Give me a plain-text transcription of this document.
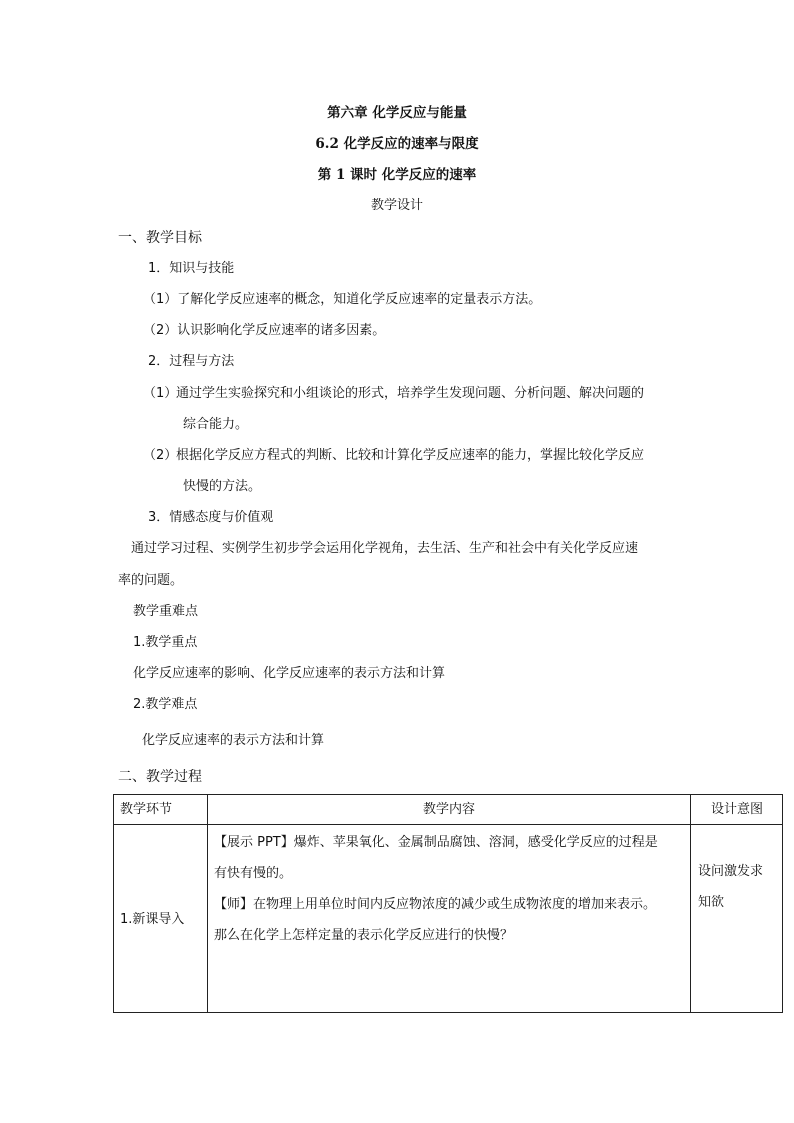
第六章 化学反应与能量
6.2 化学反应的速率与限度
第 1 课时 化学反应的速率
教学设计
一、教学目标
1．知识与技能
（1）了解化学反应速率的概念，知道化学反应速率的定量表示方法。
（2）认识影响化学反应速率的诸多因素。
2．过程与方法
（1）
通过学生实验探究和小组谈论的形式，培养学生发现问题、分析问题、解决问题的
综合能力。
（2）
根据化学反应方程式的判断、比较和计算化学反应速率的能力，掌握比较化学反应
快慢的方法。
3．情感态度与价值观
通过学习过程、实例学生初步学会运用化学视角，去生活、生产和社会中有关化学反应速
率的问题。
教学重难点
1.教学重点
化学反应速率的影响、化学反应速率的表示方法和计算
2.教学难点
化学反应速率的表示方法和计算
二、教学过程
教学环节	教学内容	设计意图
1.新课导入

【展示 PPT】爆炸、苹果氧化、金属制品腐蚀、溶洞，感受化学反应的过程是

有快有慢的。

【师】在物理上用单位时间内反应物浓度的减少或生成物浓度的增加来表示。

那么在化学上怎样定量的表示化学反应进行的快慢？

设问激发求
知欲
